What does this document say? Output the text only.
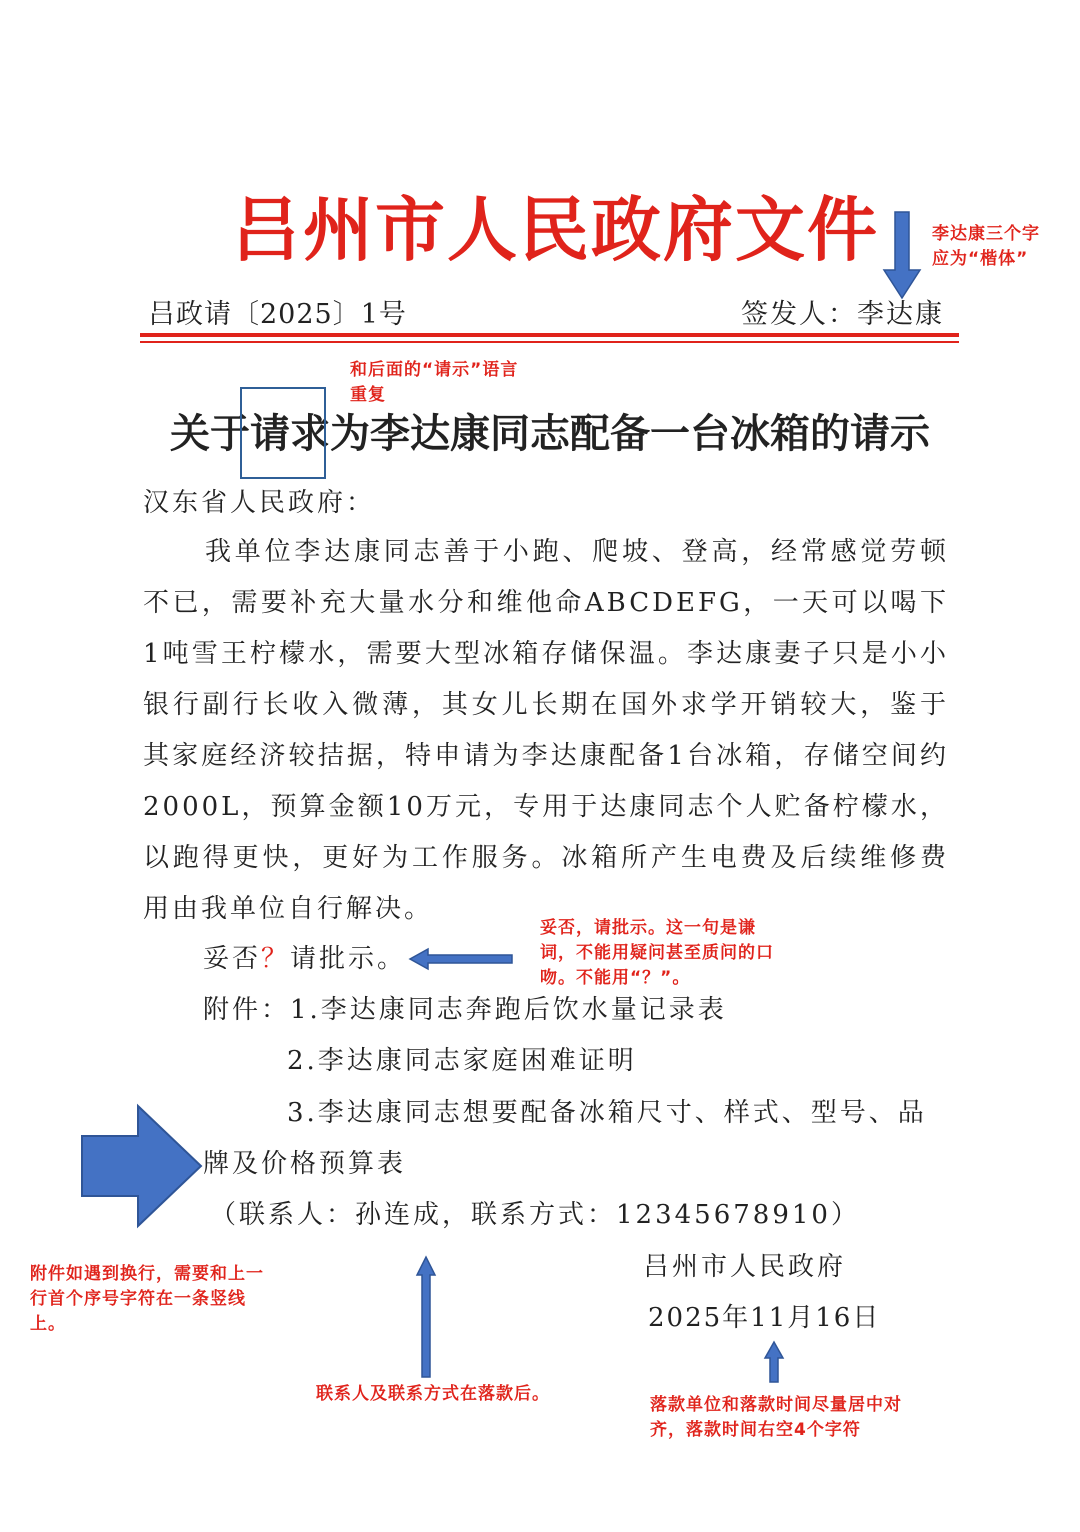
吕州市人民政府文件
吕政请〔2025〕1号	签发人：李达康
关于请求为李达康同志配备一台冰箱的请示
汉东省人民政府：
我单位李达康同志善于小跑、爬坡、登高，经常感觉劳顿不已，需要补充大量水分和维他命ABCDEFG，一天可以喝下1吨雪王柠檬水，需要大型冰箱存储保温。李达康妻子只是小小银行副行长收入微薄，其女儿长期在国外求学开销较大，鉴于其家庭经济较拮据，特申请为李达康配备1台冰箱，存储空间约2000L，预算金额10万元，专用于达康同志个人贮备柠檬水，以跑得更快，更好为工作服务。冰箱所产生电费及后续维修费用由我单位自行解决。
妥否？请批示。
附件：1.李达康同志奔跑后饮水量记录表
2.李达康同志家庭困难证明
3.李达康同志想要配备冰箱尺寸、样式、型号、品
牌及价格预算表
（联系人：孙连成，联系方式：12345678910）
吕州市人民政府
2025年11月16日
李达康三个字应为“楷体”
和后面的“请示”语言重复
妥否，请批示。这一句是谦词，不能用疑问甚至质问的口吻。不能用“？”。
附件如遇到换行，需要和上一行首个序号字符在一条竖线上。
联系人及联系方式在落款后。
落款单位和落款时间尽量居中对齐，落款时间右空4个字符
